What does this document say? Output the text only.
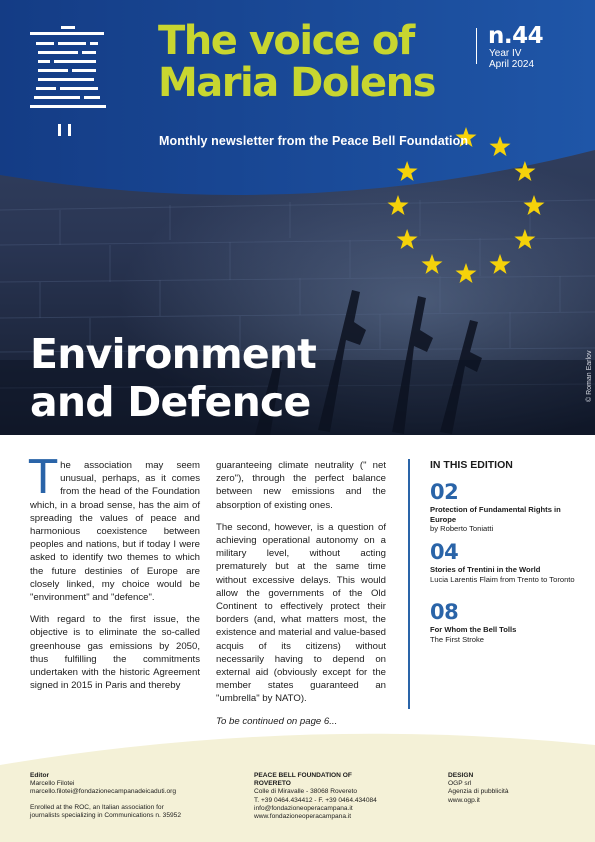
The voice of
Maria Dolens
n.44
Year IV
April 2024
Monthly newsletter from the Peace Bell Foundation
Environment
and Defence	© Roman Earlov

The association may seem unusual, perhaps, as it comes from the head of the Foundation which, in a broad sense, has the aim of spreading the values of peace and harmonious coexistence between peoples and nations, but if today I were asked to identify two themes to which the future destinies of Europe are closely linked, my choice would be "environment" and "defence".

With regard to the first issue, the objective is to eliminate the so-called greenhouse gas emissions by 2050, thus fulfilling the commitments undertaken with the historic Agreement signed in 2015 in Paris and thereby

guaranteeing climate neutrality (" net zero"), through the perfect balance between new emissions and the absorption of existing ones.

The second, however, is a question of achieving operational autonomy on a military level, without acting prematurely but at the same time without excessive delays. This would allow the governments of the Old Continent to effectively protect their borders (and, what matters most, the existence and material and value-based acquis of its citizens) without necessarily having to depend on external aid (obviously except for the member states guaranteed an "umbrella" by NATO).

To be continued on page 6...

IN THIS EDITION
02
Protection of Fundamental Rights in Europe
by Roberto Toniatti
04
Stories of Trentini in the World
Lucia Larentis Flaim from Trento to Toronto
08
For Whom the Bell Tolls
The First Stroke
Editor
Marcello Filotei
marcello.filotei@fondazionecampanadeicaduti.org
Enrolled at the ROC, an Italian association for
journalists specializing in Communications n. 35952
PEACE BELL FOUNDATION OF
ROVERETO
Colle di Miravalle - 38068 Rovereto
T. +39 0464.434412 - F. +39 0464.434084
info@fondazioneoperacampana.it
www.fondazioneoperacampana.it
DESIGN
OGP srl
Agenzia di pubblicità
www.ogp.it
